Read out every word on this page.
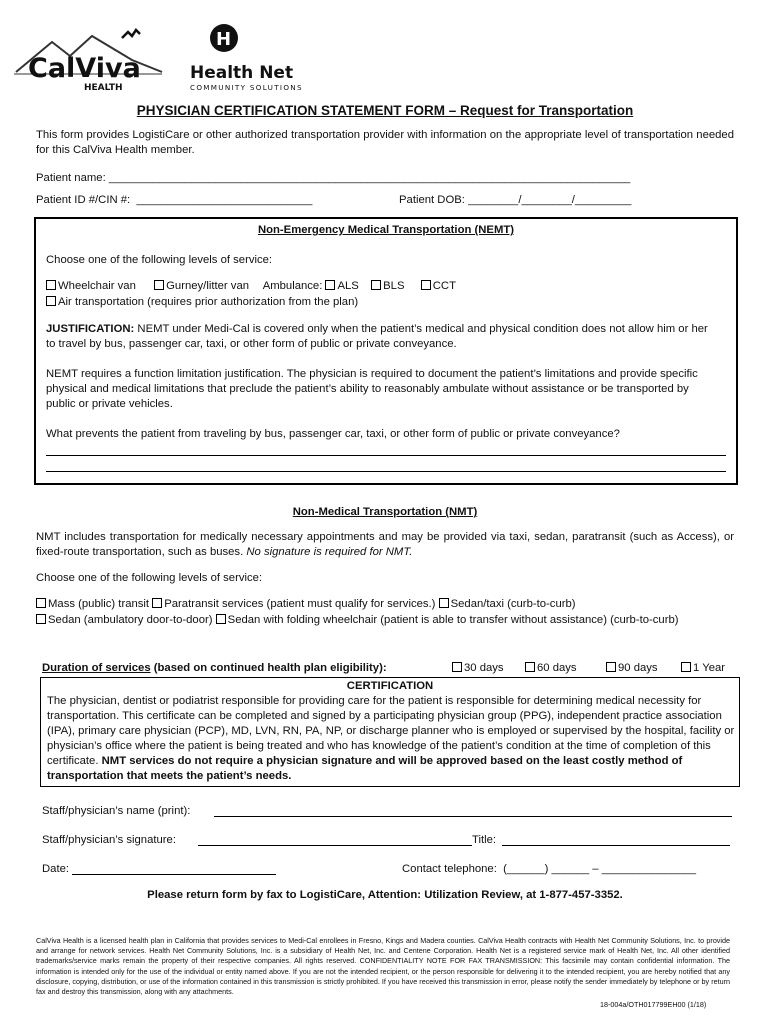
CalViva
HEALTH
H
Health Net
COMMUNITY SOLUTIONS
PHYSICIAN CERTIFICATION STATEMENT FORM – Request for Transportation
This form provides LogistiCare or other authorized transportation provider with information on the appropriate level of transportation needed for this CalViva Health member.
Patient name: ___________________________________________________________________________________
Patient ID #/CIN #:  ____________________________	Patient DOB: ________/________/_________
Non-Emergency Medical Transportation (NEMT)
Choose one of the following levels of service:
Wheelchair van	Gurney/litter van Ambulance: ALS BLS	CCT
Air transportation (requires prior authorization from the plan)
JUSTIFICATION: NEMT under Medi-Cal is covered only when the patient’s medical and physical condition does not allow him or her to travel by bus, passenger car, taxi, or other form of public or private conveyance.
NEMT requires a function limitation justification. The physician is required to document the patient’s limitations and provide specific physical and medical limitations that preclude the patient’s ability to reasonably ambulate without assistance or be transported by public or private vehicles.
What prevents the patient from traveling by bus, passenger car, taxi, or other form of public or private conveyance?
Non-Medical Transportation (NMT)
NMT includes transportation for medically necessary appointments and may be provided via taxi, sedan, paratransit (such as Access), or fixed-route transportation, such as buses. No signature is required for NMT.
Choose one of the following levels of service:
Mass (public) transit Paratransit services (patient must qualify for services.) Sedan/taxi (curb-to-curb)
Sedan (ambulatory door-to-door) Sedan with folding wheelchair (patient is able to transfer without assistance) (curb-to-curb)
Duration of services (based on continued health plan eligibility):	30 days	60 days	90 days	1 Year
CERTIFICATION
The physician, dentist or podiatrist responsible for providing care for the patient is responsible for determining medical necessity for transportation. This certificate can be completed and signed by a participating physician group (PPG), independent practice association (IPA), primary care physician (PCP), MD, LVN, RN, PA, NP, or discharge planner who is employed or supervised by the hospital, facility or physician’s office where the patient is being treated and who has knowledge of the patient’s condition at the time of completion of this certificate. NMT services do not require a physician signature and will be approved based on the least costly method of transportation that meets the patient’s needs.
Staff/physician’s name (print):
Staff/physician’s signature:	Title:
Date:	Contact telephone:  (______) ______ – _______________
Please return form by fax to LogistiCare, Attention: Utilization Review, at 1-877-457-3352.
CalViva Health is a licensed health plan in California that provides services to Medi-Cal enrollees in Fresno, Kings and Madera counties. CalViva Health contracts with Health Net Community Solutions, Inc. to provide and arrange for network services. Health Net Community Solutions, Inc. is a subsidiary of Health Net, Inc. and Centene Corporation. Health Net is a registered service mark of Health Net, Inc. All other identified trademarks/service marks remain the property of their respective companies. All rights reserved. CONFIDENTIALITY NOTE FOR FAX TRANSMISSION: This facsimile may contain confidential information. The information is intended only for the use of the individual or entity named above. If you are not the intended recipient, or the person responsible for delivering it to the intended recipient, you are hereby notified that any disclosure, copying, distribution, or use of the information contained in this transmission is strictly prohibited. If you have received this transmission in error, please notify the sender immediately by telephone or by return fax and destroy this transmission, along with any attachments.
18-004a/OTH017799EH00 (1/18)
